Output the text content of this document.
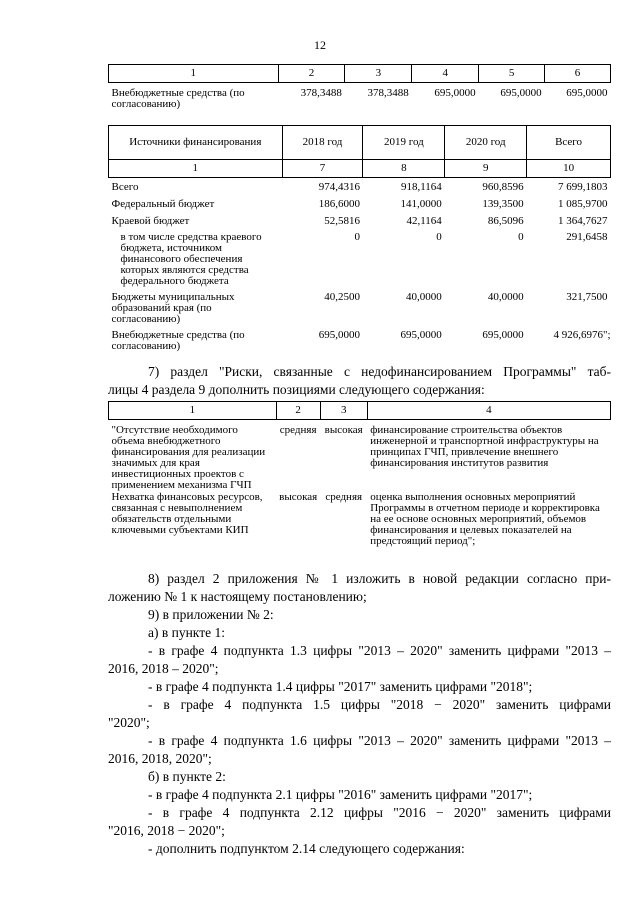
12
1	2	3	4	5	6
Внебюджетные средства (по согласованию)	378,3488	378,3488	695,0000	695,0000	695,0000
Источники финансирования	2018 год	2019 год	2020 год	Всего
1	7	8	9	10
Всего	974,4316	918,1164	960,8596	7 699,1803
Федеральный бюджет	186,6000	141,0000	139,3500	1 085,9700
Краевой бюджет	52,5816	42,1164	86,5096	1 364,7627
в том числе средства краевого бюджета, источником финансового обеспечения которых являются средства федерального бюджета	0	0	0	291,6458
Бюджеты муниципальных образований края (по согласованию)	40,2500	40,0000	40,0000	321,7500
Внебюджетные средства (по согласованию)	695,0000	695,0000	695,0000	4 926,6976";
7) раздел "Риски, связанные с недофинансированием Программы" таб-
лицы 4 раздела 9 дополнить позициями следующего содержания:
1	2	3	4
"Отсутствие необходимого объема внебюджетного финансирования для реализации значимых для края инвестиционных проектов с применением механизма ГЧП	средняя	высокая	финансирование строительства объектов инженерной и транспортной инфраструктуры на принципах ГЧП, привлечение внешнего финансирования институтов развития
Нехватка финансовых ресурсов, связанная с невыполнением обязательств отдельными ключевыми субъектами КИП	высокая	средняя	оценка выполнения основных мероприятий Программы в отчетном периоде и корректировка на ее основе основных мероприятий, объемов финансирования и целевых показателей на предстоящий период";
8) раздел 2 приложения № 1 изложить в новой редакции согласно при-
ложению № 1 к настоящему постановлению;
9) в приложении № 2:
а) в пункте 1:
- в графе 4 подпункта 1.3 цифры "2013 – 2020" заменить цифрами "2013 –
2016, 2018 – 2020";
- в графе 4 подпункта 1.4 цифры "2017" заменить цифрами "2018";
- в графе 4 подпункта 1.5 цифры "2018 − 2020" заменить цифрами
"2020";
- в графе 4 подпункта 1.6 цифры "2013 – 2020" заменить цифрами "2013 –
2016, 2018, 2020";
б) в пункте 2:
- в графе 4 подпункта 2.1 цифры "2016" заменить цифрами "2017";
- в графе 4 подпункта 2.12 цифры "2016 − 2020" заменить цифрами
"2016, 2018 − 2020";
- дополнить подпунктом 2.14 следующего содержания:
